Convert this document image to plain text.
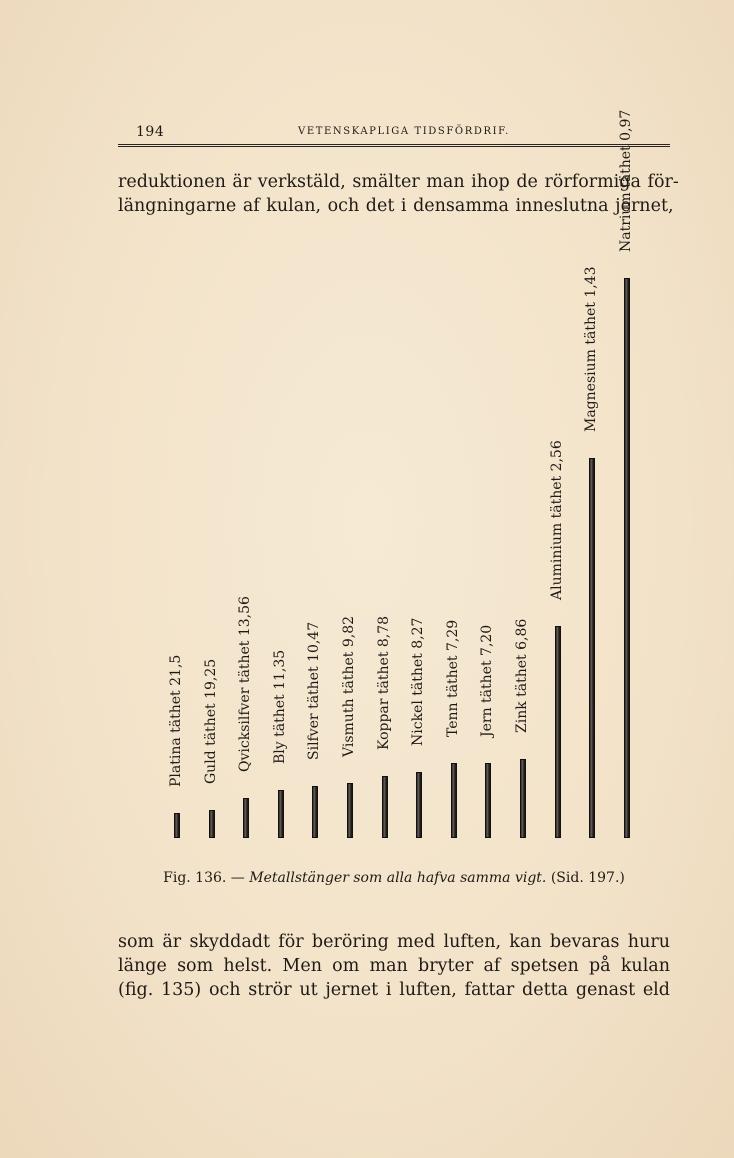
194	VETENSKAPLIGA TIDSFÖRDRIF.
reduktionen är verkstäld, smälter man ihop de rörformiga för-
längningarne af kulan, och det i densamma inneslutna jernet,
Platina täthet 21,5 Guld täthet 19,25 Qvicksilfver täthet 13,56 Bly täthet 11,35 Silfver täthet 10,47 Vismuth täthet 9,82 Koppar täthet 8,78 Nickel täthet 8,27 Tenn täthet 7,29 Jern täthet 7,20 Zink täthet 6,86
Aluminium täthet 2,56
Magnesium täthet 1,43
Natrium täthet 0,97
Fig. 136. — Metallstänger som alla hafva samma vigt. (Sid. 197.)
som är skyddadt för beröring med luften, kan bevaras huru
länge som helst. Men om man bryter af spetsen på kulan
(fig. 135) och strör ut jernet i luften, fattar detta genast eld
